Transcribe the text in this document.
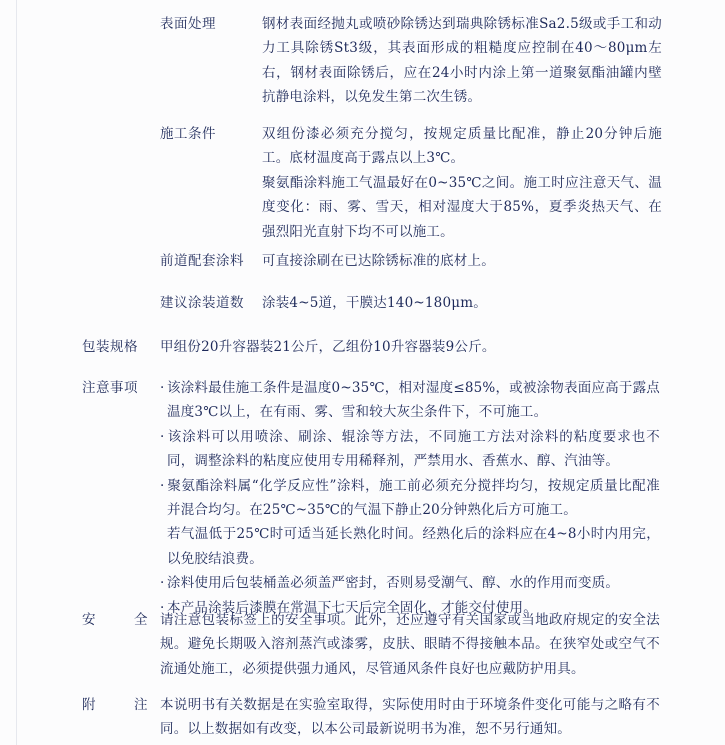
表面处理	钢材表面经抛丸或喷砂除锈达到瑞典除锈标准Sa2.5级或手工和动力工具除锈St3级，其表面形成的粗糙度应控制在40～80μm左右，钢材表面除锈后，应在24小时内涂上第一道聚氨酯油罐内壁抗静电涂料，以免发生第二次生锈。
施工条件	双组份漆必须充分搅匀，按规定质量比配准，静止20分钟后施工。底材温度高于露点以上3℃。

聚氨酯涂料施工气温最好在0~35℃之间。施工时应注意天气、温度变化：雨、雾、雪天，相对湿度大于85%，夏季炎热天气、在强烈阳光直射下均不可以施工。

前道配套涂料 可直接涂刷在已达除锈标准的底材上。
建议涂装道数 涂装4~5道，干膜达140~180μm。
包装规格 甲组份20升容器装21公斤，乙组份10升容器装9公斤。
注意事项 · 该涂料最佳施工条件是温度0~35℃，相对湿度≤85%，或被涂物表面应高于露点温度3℃以上，在有雨、雾、雪和较大灰尘条件下，不可施工。
· 该涂料可以用喷涂、刷涂、辊涂等方法，不同施工方法对涂料的粘度要求也不同，调整涂料的粘度应使用专用稀释剂，严禁用水、香蕉水、醇、汽油等。
· 聚氨酯涂料属“化学反应性”涂料，施工前必须充分搅拌均匀，按规定质量比配准并混合均匀。在25℃~35℃的气温下静止20分钟熟化后方可施工。

若气温低于25℃时可适当延长熟化时间。经熟化后的涂料应在4~8小时内用完，以免胶结浪费。

· 涂料使用后包装桶盖必须盖严密封，否则易受潮气、醇、水的作用而变质。
· 本产品涂装后漆膜在常温下七天后完全固化，才能交付使用。
安	全 请注意包装标签上的安全事项。此外，还应遵守有关国家或当地政府规定的安全法规。避免长期吸入溶剂蒸汽或漆雾，皮肤、眼睛不得接触本品。在狭窄处或空气不流通处施工，必须提供强力通风，尽管通风条件良好也应戴防护用具。
附	注 本说明书有关数据是在实验室取得，实际使用时由于环境条件变化可能与之略有不同。以上数据如有改变，以本公司最新说明书为准，恕不另行通知。
